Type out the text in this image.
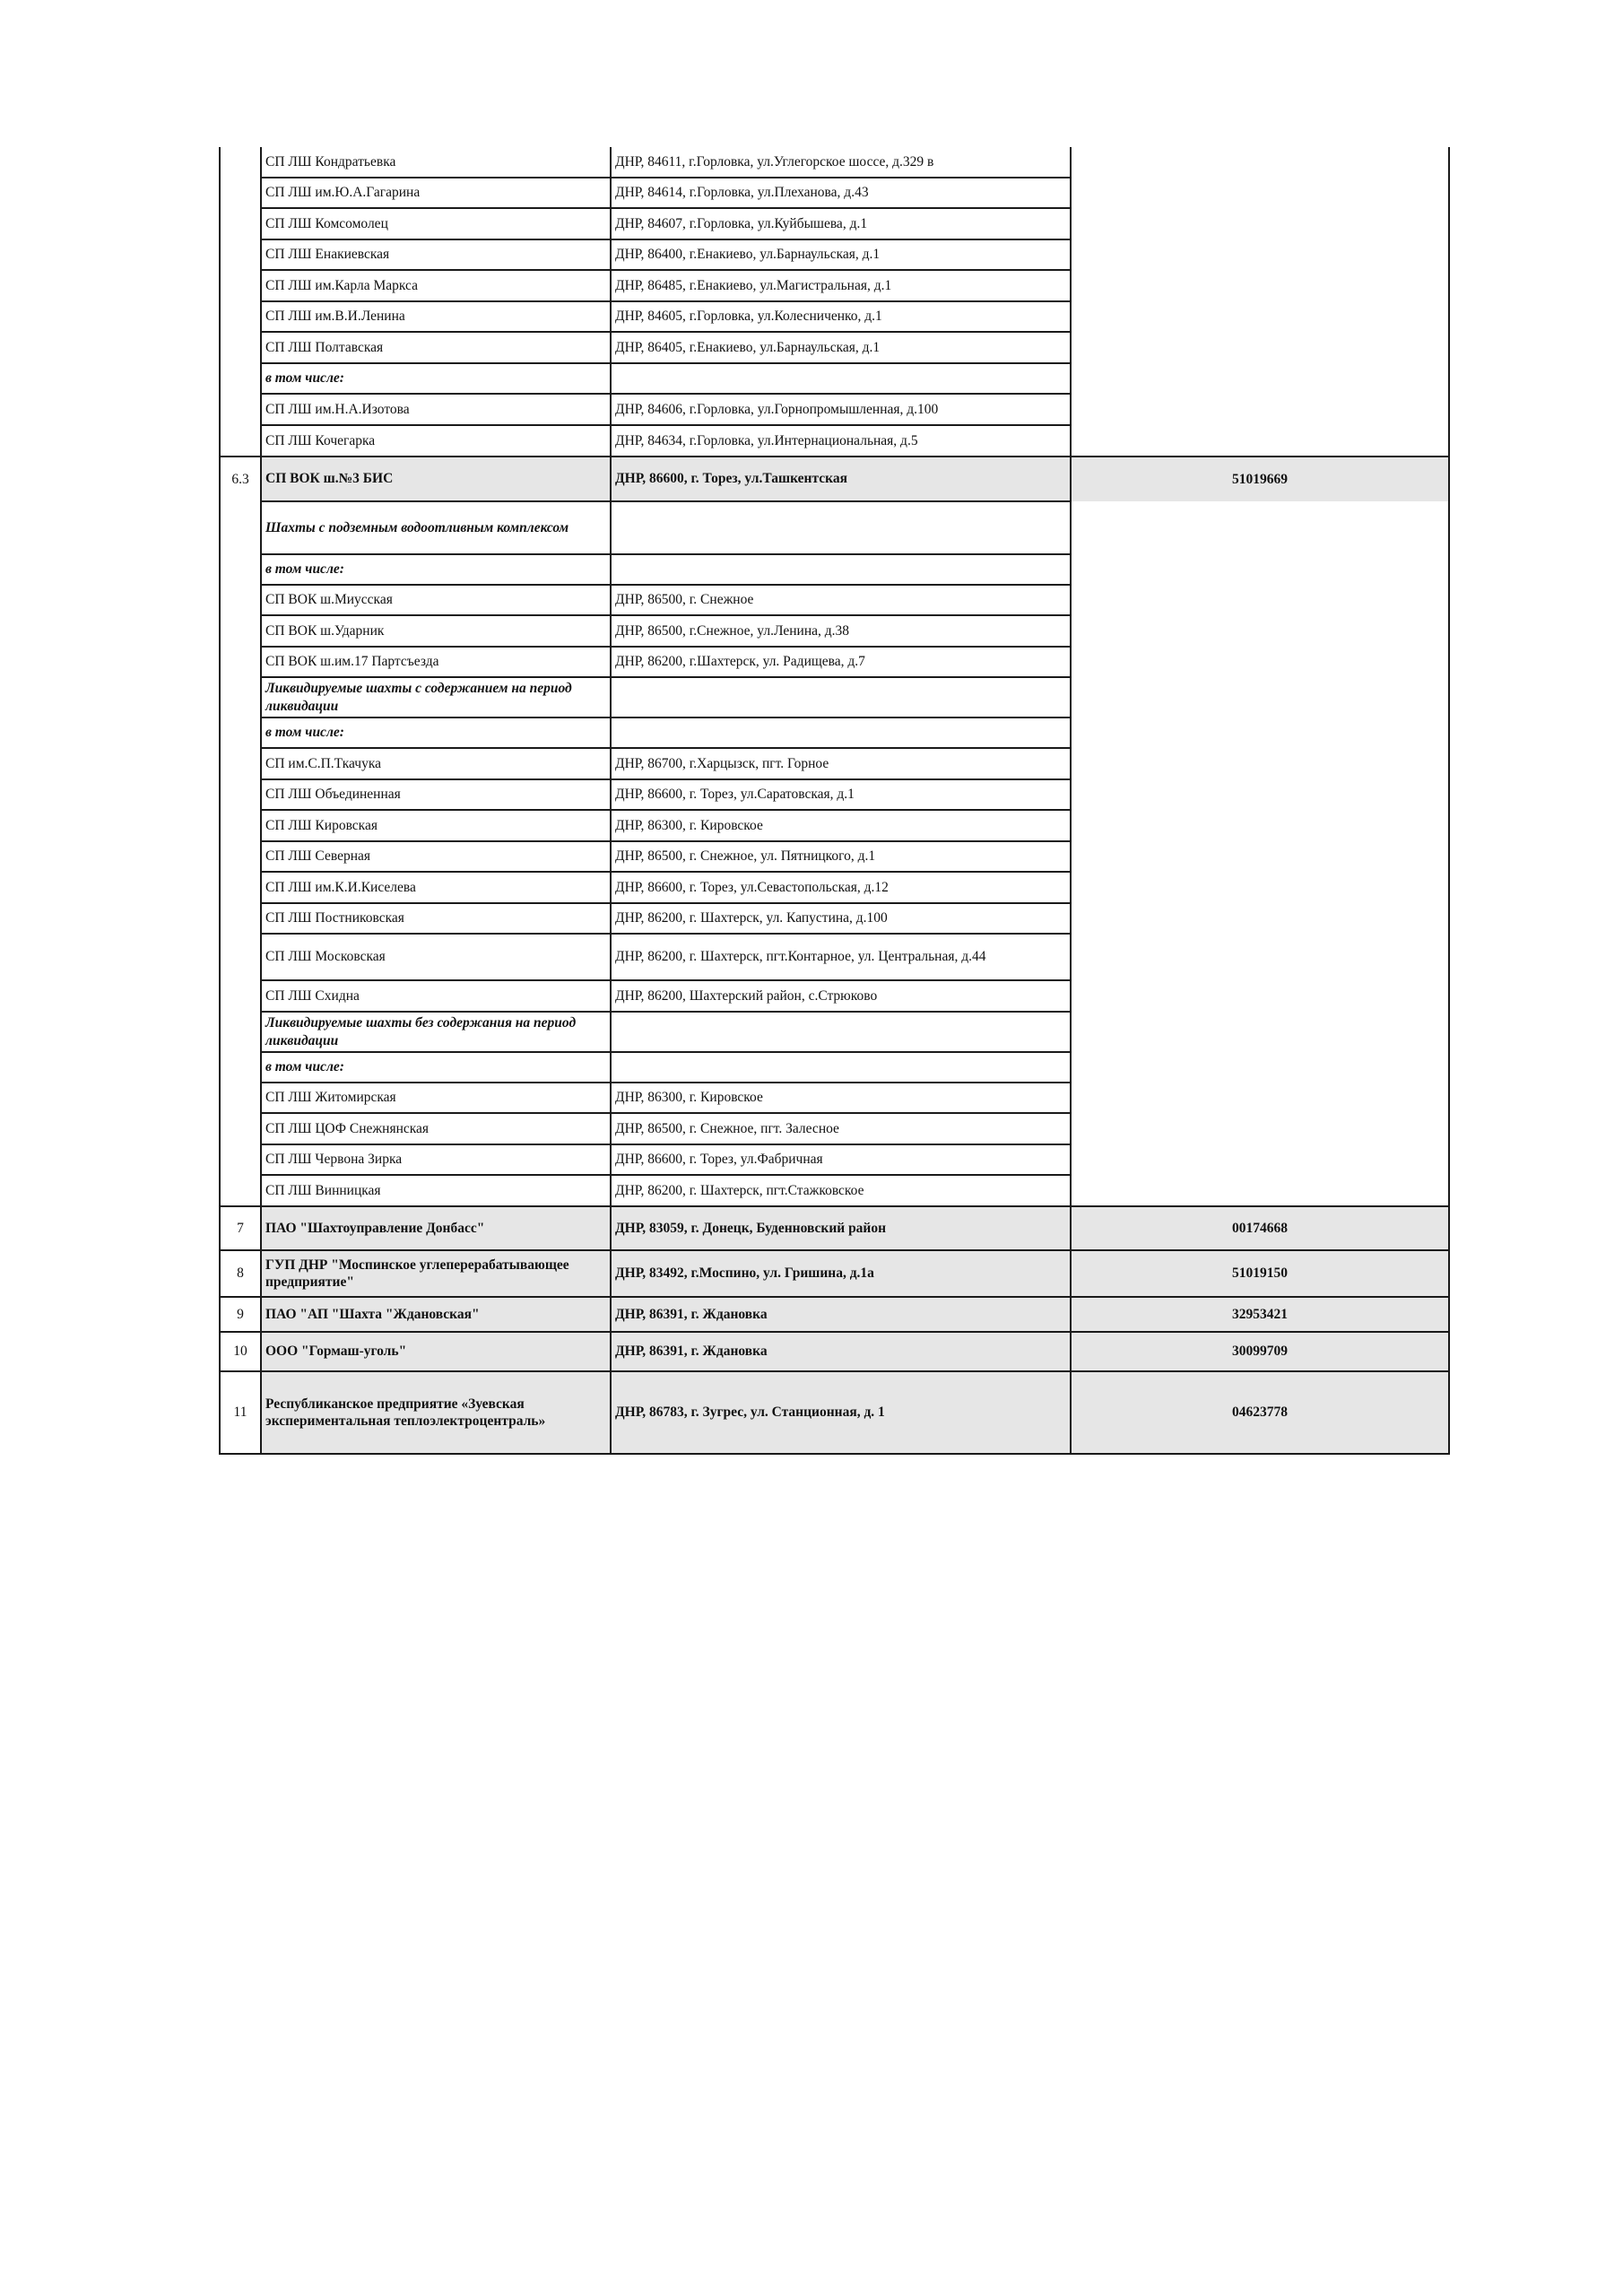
	СП ЛШ Кондратьевка	ДНР, 84611, г.Горловка, ул.Углегорское шоссе, д.329 в	
	СП ЛШ им.Ю.А.Гагарина	ДНР, 84614, г.Горловка, ул.Плеханова, д.43	
	СП ЛШ Комсомолец	ДНР, 84607, г.Горловка, ул.Куйбышева, д.1	
	СП ЛШ Енакиевская	ДНР, 86400, г.Енакиево, ул.Барнаульская, д.1	
	СП ЛШ им.Карла Маркса	ДНР, 86485, г.Енакиево, ул.Магистральная, д.1	
	СП ЛШ им.В.И.Ленина	ДНР, 84605, г.Горловка, ул.Колесниченко, д.1	
	СП ЛШ Полтавская	ДНР, 86405, г.Енакиево, ул.Барнаульская, д.1	
	в том числе:		
	СП ЛШ им.Н.А.Изотова	ДНР, 84606, г.Горловка, ул.Горнопромышленная, д.100	
	СП ЛШ Кочегарка	ДНР, 84634, г.Горловка, ул.Интернациональная, д.5	
6.3	СП ВОК ш.№3 БИС	ДНР, 86600, г. Торез, ул.Ташкентская	51019669
	Шахты с подземным водоотливным комплексом		
	в том числе:		
	СП ВОК ш.Миусская	ДНР, 86500, г. Снежное	
	СП ВОК ш.Ударник	ДНР, 86500, г.Снежное, ул.Ленина, д.38	
	СП ВОК ш.им.17 Партсъезда	ДНР, 86200, г.Шахтерск, ул. Радищева, д.7	
	Ликвидируемые шахты с содержанием на период ликвидации		
	в том числе:		
	СП им.С.П.Ткачука	ДНР, 86700, г.Харцызск, пгт. Горное	
	СП ЛШ Объединенная	ДНР, 86600, г. Торез, ул.Саратовская, д.1	
	СП ЛШ Кировская	ДНР, 86300, г. Кировское	
	СП ЛШ Северная	ДНР, 86500, г. Снежное, ул. Пятницкого, д.1	
	СП ЛШ им.К.И.Киселева	ДНР, 86600, г. Торез, ул.Севастопольская, д.12	
	СП ЛШ Постниковская	ДНР, 86200, г. Шахтерск, ул. Капустина, д.100	
	СП ЛШ Московская	ДНР, 86200, г. Шахтерск, пгт.Контарное, ул. Центральная, д.44	
	СП ЛШ Схидна	ДНР, 86200, Шахтерский район, с.Стрюково	
	Ликвидируемые шахты без содержания на период ликвидации		
	в том числе:		
	СП ЛШ Житомирская	ДНР, 86300, г. Кировское	
	СП ЛШ ЦОФ Снежнянская	ДНР, 86500, г. Снежное, пгт. Залесное	
	СП ЛШ Червона Зирка	ДНР, 86600, г. Торез, ул.Фабричная	
	СП ЛШ Винницкая	ДНР, 86200, г. Шахтерск, пгт.Стажковское	
7	ПАО "Шахтоуправление Донбасс"	ДНР, 83059, г. Донецк, Буденновский район	00174668
8	ГУП ДНР "Моспинское углеперерабатывающее предприятие"	ДНР, 83492, г.Моспино, ул. Гришина, д.1а	51019150
9	ПАО "АП "Шахта "Ждановская"	ДНР, 86391, г. Ждановка	32953421
10	ООО "Гормаш-уголь"	ДНР, 86391, г. Ждановка	30099709
11	Республиканское предприятие «Зуевская экспериментальная теплоэлектроцентраль»	ДНР, 86783, г. Зугрес, ул. Станционная, д. 1	04623778
